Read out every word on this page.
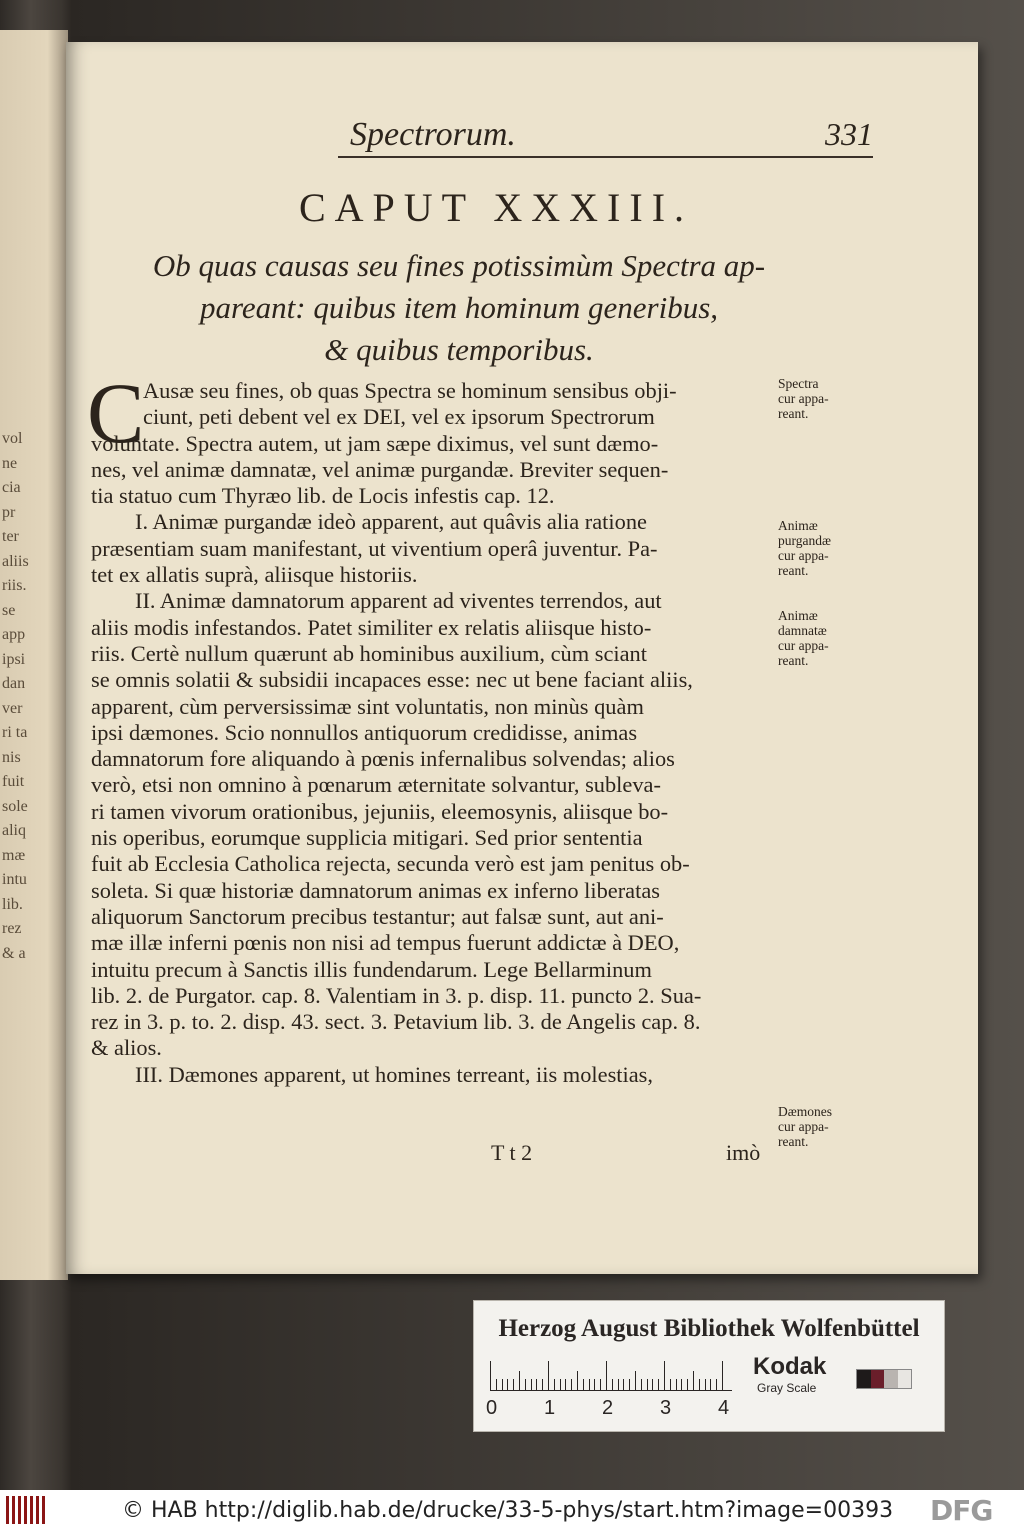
vol
ne
cia
pr
ter
aliis
riis.
se
app
ipsi
dan
ver
ri ta
nis
fuit
sole
aliq
mæ
intu
lib.
rez
& a
Spectrorum.	331
CAPUT XXXIII.
Ob quas causas seu fines potissimùm Spectra ap-
pareant: quibus item hominum generibus,
& quibus temporibus.
C
Ausæ seu fines, ob quas Spectra se hominum sensibus obji-
ciunt, peti debent vel ex DEI, vel ex ipsorum Spectrorum
voluntate. Spectra autem, ut jam sæpe diximus, vel sunt dæmo-
nes, vel animæ damnatæ, vel animæ purgandæ. Breviter sequen-
tia statuo cum Thyræo lib. de Locis infestis cap. 12.
I. Animæ purgandæ ideò apparent, aut quâvis alia ratione
præsentiam suam manifestant, ut viventium operâ juventur. Pa-
tet ex allatis suprà, aliisque historiis.
II. Animæ damnatorum apparent ad viventes terrendos, aut
aliis modis infestandos. Patet similiter ex relatis aliisque histo-
riis. Certè nullum quærunt ab hominibus auxilium, cùm sciant
se omnis solatii & subsidii incapaces esse: nec ut bene faciant aliis,
apparent, cùm perversissimæ sint voluntatis, non minùs quàm
ipsi dæmones. Scio nonnullos antiquorum credidisse, animas
damnatorum fore aliquando à pœnis infernalibus solvendas; alios
verò, etsi non omnino à pœnarum æternitate solvantur, subleva-
ri tamen vivorum orationibus, jejuniis, eleemosynis, aliisque bo-
nis operibus, eorumque supplicia mitigari. Sed prior sententia
fuit ab Ecclesia Catholica rejecta, secunda verò est jam penitus ob-
soleta. Si quæ historiæ damnatorum animas ex inferno liberatas
aliquorum Sanctorum precibus testantur; aut falsæ sunt, aut ani-
mæ illæ inferni pœnis non nisi ad tempus fuerunt addictæ à DEO,
intuitu precum à Sanctis illis fundendarum. Lege Bellarminum
lib. 2. de Purgator. cap. 8. Valentiam in 3. p. disp. 11. puncto 2. Sua-
rez in 3. p. to. 2. disp. 43. sect. 3. Petavium lib. 3. de Angelis cap. 8.
& alios.
III. Dæmones apparent, ut homines terreant, iis molestias,
T t 2	imò
Spectra
cur appa-
reant.
Animæ
purgandæ
cur appa-
reant.
Animæ
damnatæ
cur appa-
reant.
Dæmones
cur appa-
reant.
Herzog August Bibliothek Wolfenbüttel
0 1 2 3 4
Kodak
Gray Scale
© HAB http://diglib.hab.de/drucke/33-5-phys/start.htm?image=00393 DFG
